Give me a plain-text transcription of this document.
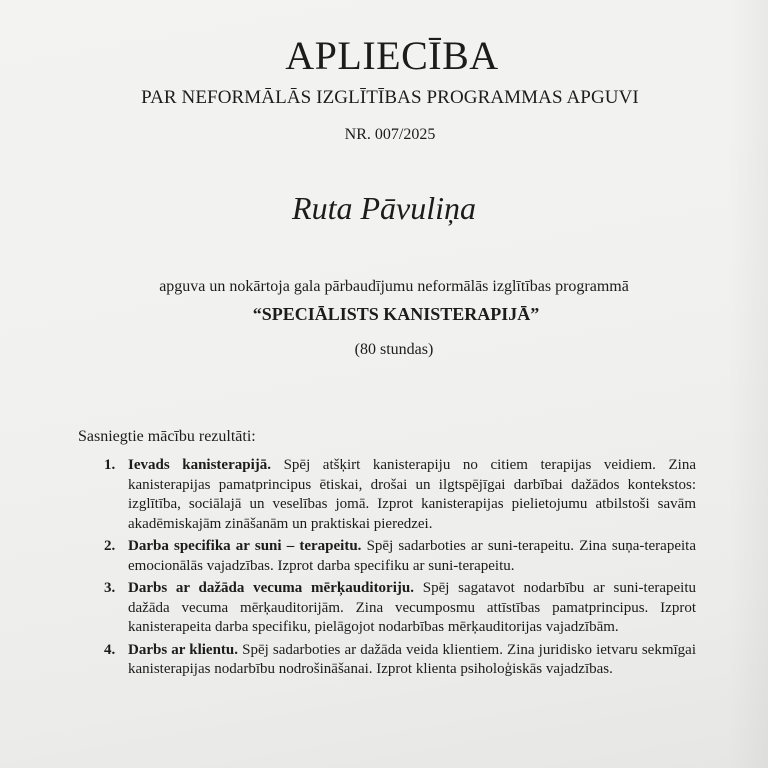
APLIECĪBA
PAR NEFORMĀLĀS IZGLĪTĪBAS PROGRAMMAS APGUVI
NR. 007/2025
Ruta Pāvuliņa
apguva un nokārtoja gala pārbaudījumu neformālās izglītības programmā
“SPECIĀLISTS KANISTERAPIJĀ”
(80 stundas)
Sasniegtie mācību rezultāti:
1. Ievads kanisterapijā. Spēj atšķirt kanisterapiju no citiem terapijas veidiem. Zina kanisterapijas pamatprincipus ētiskai, drošai un ilgtspējīgai darbībai dažādos kontekstos: izglītība, sociālajā un veselības jomā. Izprot kanisterapijas pielietojumu atbilstoši savām akadēmiskajām zināšanām un praktiskai pieredzei.
2. Darba specifika ar suni – terapeitu. Spēj sadarboties ar suni-terapeitu. Zina suņa-terapeita emocionālās vajadzības. Izprot darba specifiku ar suni-terapeitu.
3. Darbs ar dažāda vecuma mērķauditoriju. Spēj sagatavot nodarbību ar suni-terapeitu dažāda vecuma mērķauditorijām. Zina vecumposmu attīstības pamatprincipus. Izprot kanisterapeita darba specifiku, pielāgojot nodarbības mērķauditorijas vajadzībām.
4. Darbs ar klientu. Spēj sadarboties ar dažāda veida klientiem. Zina juridisko ietvaru sekmīgai kanisterapijas nodarbību nodrošināšanai. Izprot klienta psiholoģiskās vajadzības.
